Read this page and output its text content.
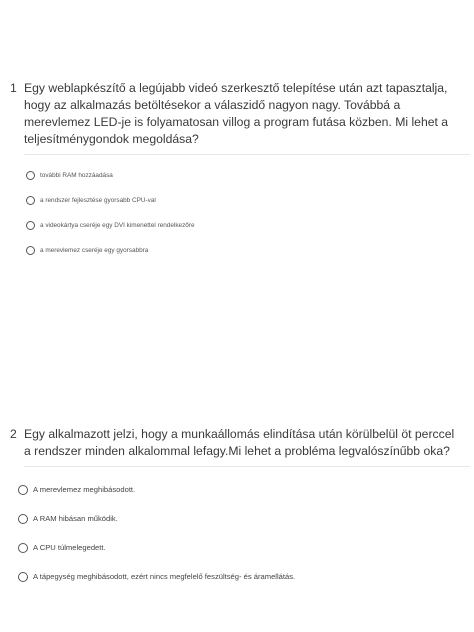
1 Egy weblapkészítő a legújabb videó szerkesztő telepítése után azt tapasztalja, hogy az alkalmazás betöltésekor a válaszidő nagyon nagy. Továbbá a merevlemez LED-je is folyamatosan villog a program futása közben. Mi lehet a teljesítménygondok megoldása?
további RAM hozzáadása
a rendszer fejlesztése gyorsabb CPU-val
a videokártya cseréje egy DVI kimenettel rendelkezőre
a merevlemez cseréje egy gyorsabbra
2 Egy alkalmazott jelzi, hogy a munkaállomás elindítása után körülbelül öt perccel a rendszer minden alkalommal lefagy.Mi lehet a probléma legvalószínűbb oka?
A merevlemez meghibásodott.
A RAM hibásan működik.
A CPU túlmelegedett.
A tápegység meghibásodott, ezért nincs megfelelő feszültség- és áramellátás.
